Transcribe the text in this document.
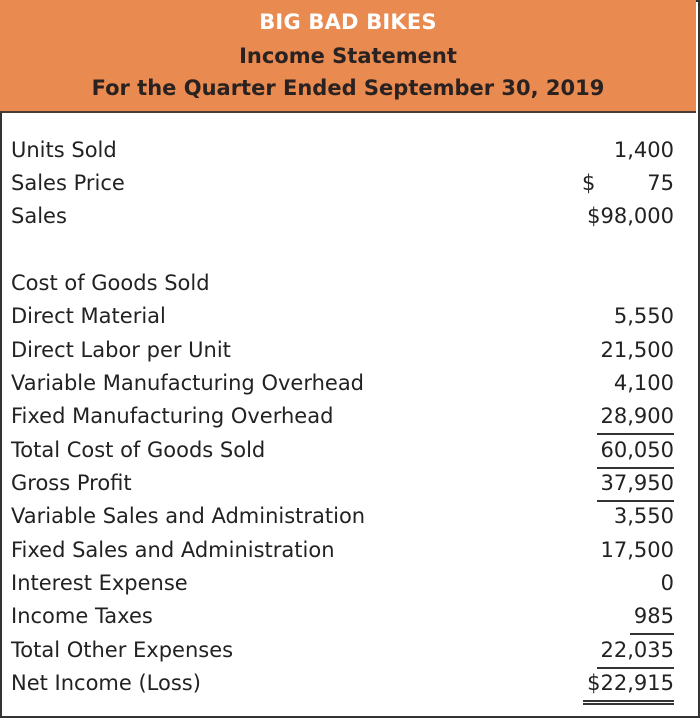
BIG BAD BIKES
Income Statement
For the Quarter Ended September 30, 2019
Units Sold	1,400
Sales Price	$ 75
Sales	$98,000
Cost of Goods Sold
Direct Material	5,550
Direct Labor per Unit	21,500
Variable Manufacturing Overhead	4,100
Fixed Manufacturing Overhead	28,900
Total Cost of Goods Sold	60,050
Gross Profit	37,950
Variable Sales and Administration	3,550
Fixed Sales and Administration	17,500
Interest Expense	0
Income Taxes	985
Total Other Expenses	22,035
Net Income (Loss)	$22,915
